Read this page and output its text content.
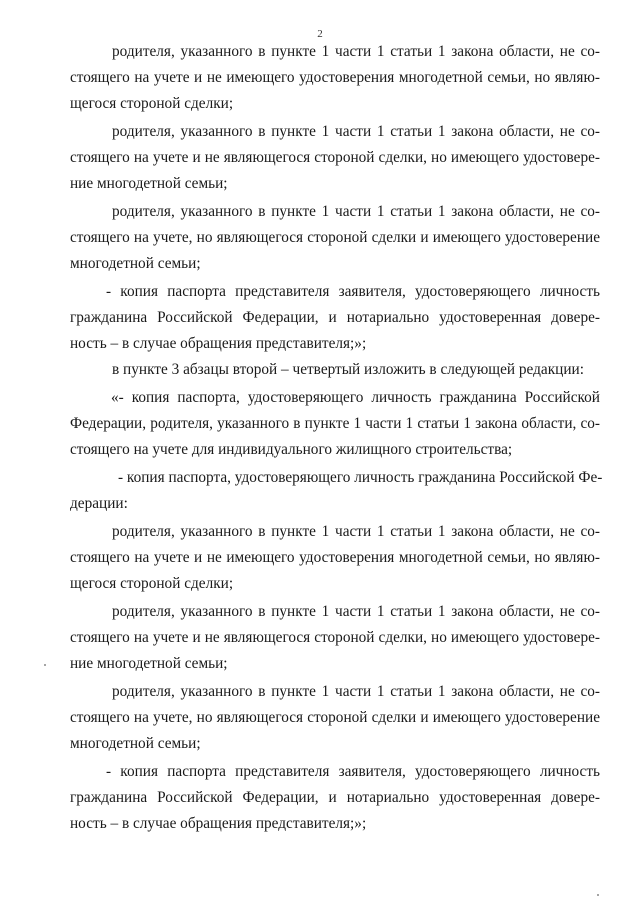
2
родителя, указанного в пункте 1 части 1 статьи 1 закона области, не со-
стоящего на учете и не имеющего удостоверения многодетной семьи, но являю-
щегося стороной сделки;
родителя, указанного в пункте 1 части 1 статьи 1 закона области, не со-
стоящего на учете и не являющегося стороной сделки, но имеющего удостовере-
ние многодетной семьи;
родителя, указанного в пункте 1 части 1 статьи 1 закона области, не со-
стоящего на учете, но являющегося стороной сделки и имеющего удостоверение
многодетной семьи;
- копия паспорта представителя заявителя, удостоверяющего личность
гражданина Российской Федерации, и нотариально удостоверенная довере-
ность – в случае обращения представителя;»;
в пункте 3 абзацы второй – четвертый изложить в следующей редакции:
«- копия паспорта, удостоверяющего личность гражданина Российской
Федерации, родителя, указанного в пункте 1 части 1 статьи 1 закона области, со-
стоящего на учете для индивидуального жилищного строительства;
- копия паспорта, удостоверяющего личность гражданина Российской Фе-
дерации:
родителя, указанного в пункте 1 части 1 статьи 1 закона области, не со-
стоящего на учете и не имеющего удостоверения многодетной семьи, но являю-
щегося стороной сделки;
родителя, указанного в пункте 1 части 1 статьи 1 закона области, не со-
стоящего на учете и не являющегося стороной сделки, но имеющего удостовере-
ние многодетной семьи;
родителя, указанного в пункте 1 части 1 статьи 1 закона области, не со-
стоящего на учете, но являющегося стороной сделки и имеющего удостоверение
многодетной семьи;
- копия паспорта представителя заявителя, удостоверяющего личность
гражданина Российской Федерации, и нотариально удостоверенная довере-
ность – в случае обращения представителя;»;
